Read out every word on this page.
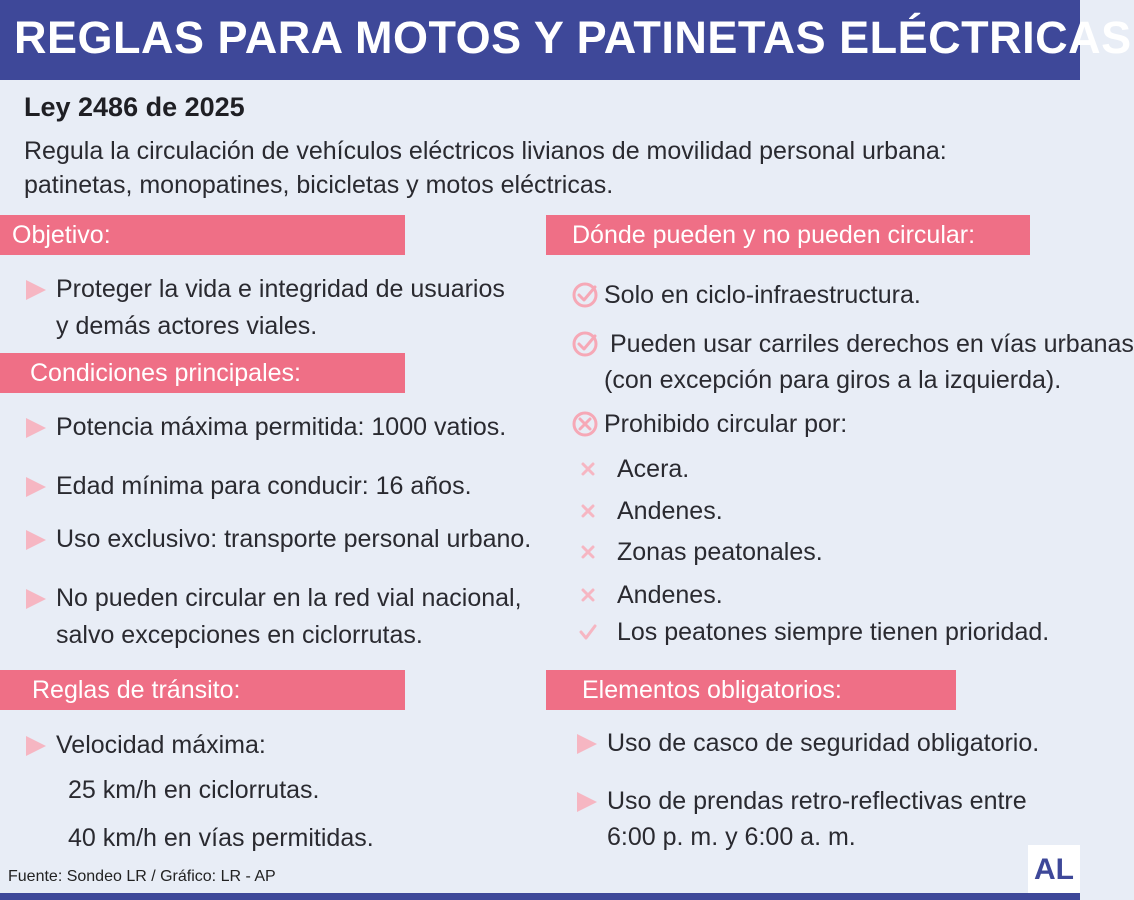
REGLAS PARA MOTOS Y PATINETAS ELÉCTRICAS
Ley 2486 de 2025
Regula la circulación de vehículos eléctricos livianos de movilidad personal urbana: patinetas, monopatines, bicicletas y motos eléctricas.
Objetivo:
Proteger la vida e integridad de usuarios
y demás actores viales.
Condiciones principales:
Potencia máxima permitida: 1000 vatios.
Edad mínima para conducir: 16 años.
Uso exclusivo: transporte personal urbano.
No pueden circular en la red vial nacional,
salvo excepciones en ciclorrutas.
Reglas de tránsito:
Velocidad máxima:
25 km/h en ciclorrutas.
40 km/h en vías permitidas.
Dónde pueden y no pueden circular:
Solo en ciclo-infraestructura.
Pueden usar carriles derechos en vías urbanas
(con excepción para giros a la izquierda).
Prohibido circular por:
Acera.
Andenes.
Zonas peatonales.
Andenes.
Los peatones siempre tienen prioridad.
Elementos obligatorios:
Uso de casco de seguridad obligatorio.
Uso de prendas retro-reflectivas entre
6:00 p. m. y 6:00 a. m.
Fuente: Sondeo LR / Gráfico: LR - AP	AL
